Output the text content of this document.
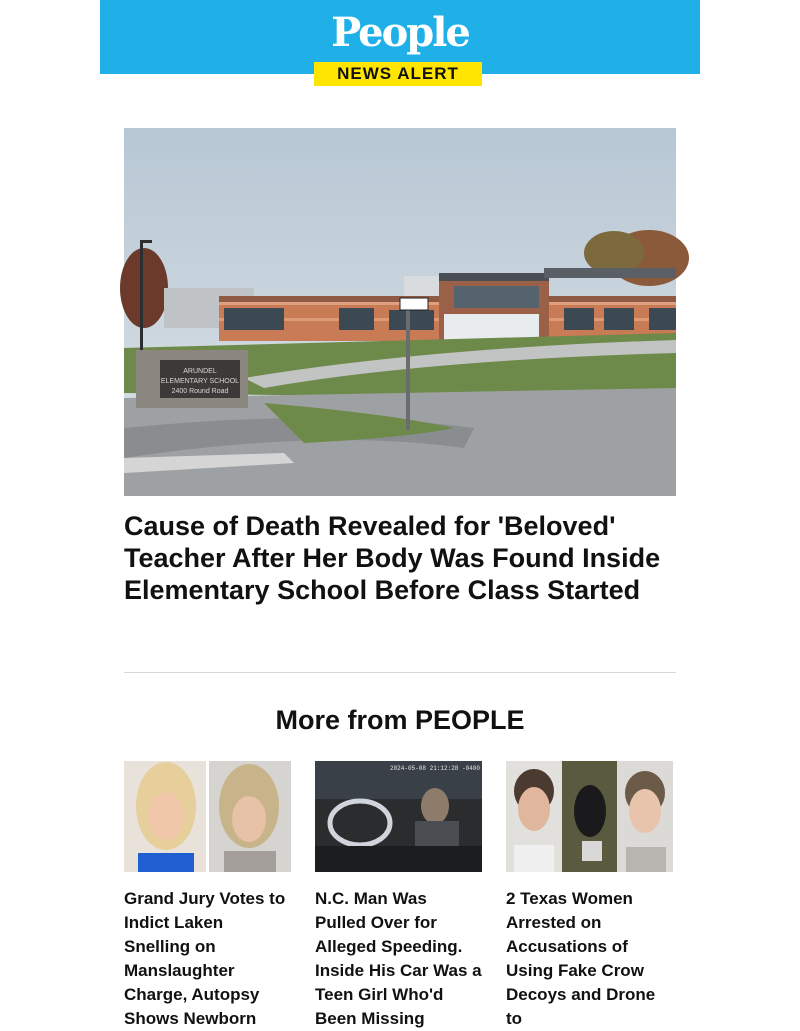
People
NEWS ALERT
ARUNDEL
ELEMENTARY SCHOOL
2400 Round Road
Cause of Death Revealed for 'Beloved' Teacher After Her Body Was Found Inside Elementary School Before Class Started
More from PEOPLE
Grand Jury Votes to Indict Laken Snelling on Manslaughter Charge, Autopsy Shows Newborn
2024-05-08 21:12:28 -0400
N.C. Man Was Pulled Over for Alleged Speeding. Inside His Car Was a Teen Girl Who'd Been Missing
2 Texas Women Arrested on Accusations of Using Fake Crow Decoys and Drone to
